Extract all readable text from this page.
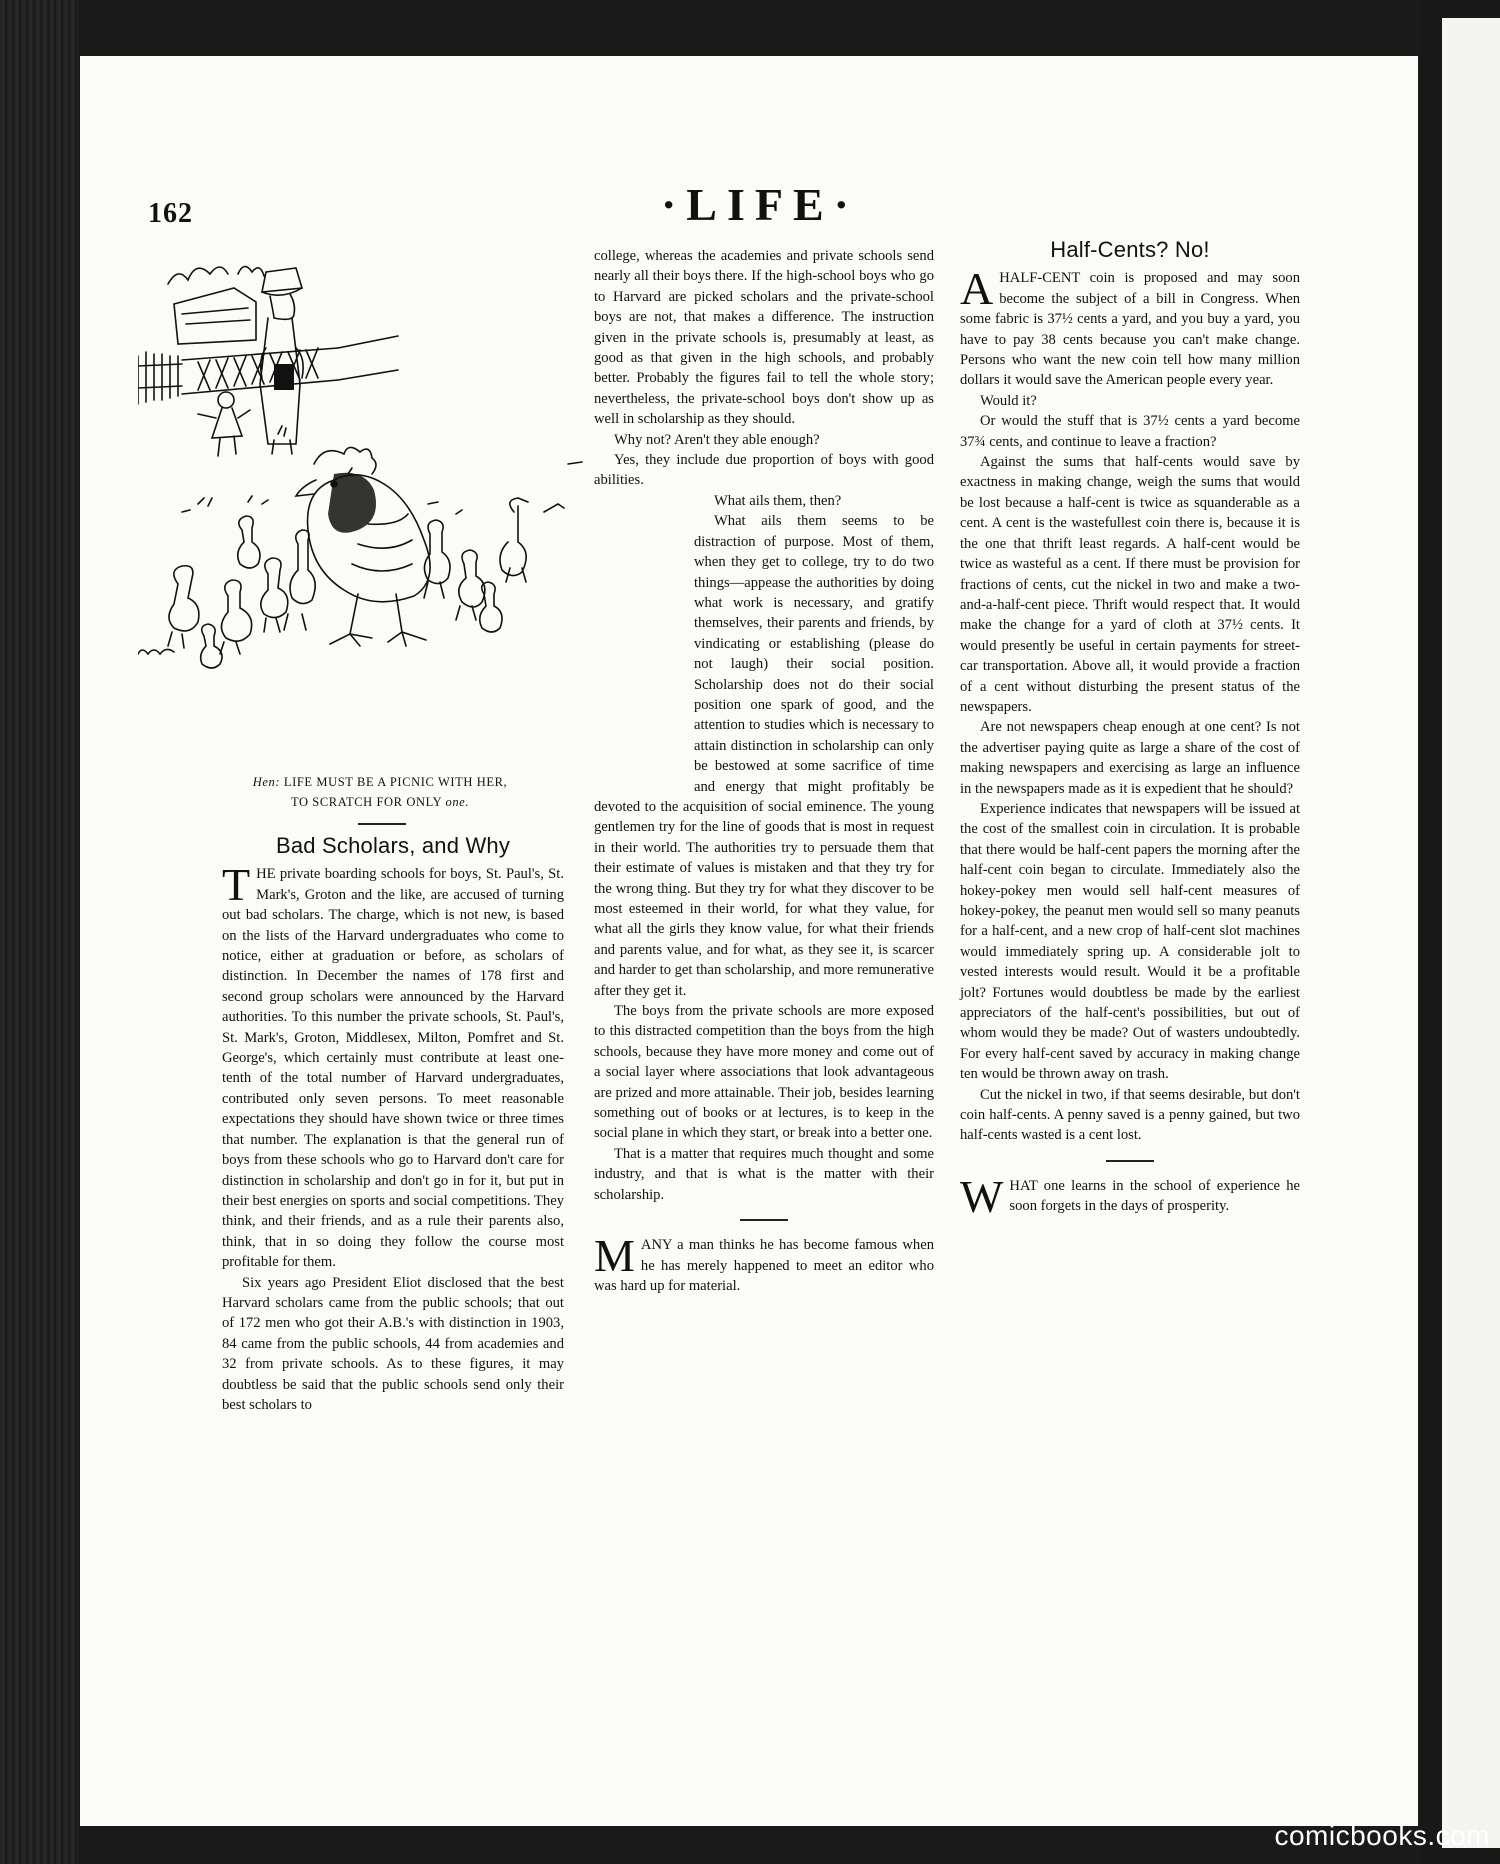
162	·LIFE·
Hen: LIFE MUST BE A PICNIC WITH HER,
TO SCRATCH FOR ONLY one.
Bad Scholars, and Why

THE private boarding schools for boys, St. Paul's, St. Mark's, Groton and the like, are accused of turning out bad scholars. The charge, which is not new, is based on the lists of the Harvard undergraduates who come to notice, either at graduation or before, as scholars of distinction. In December the names of 178 first and second group scholars were announced by the Harvard authorities. To this number the private schools, St. Paul's, St. Mark's, Groton, Middlesex, Milton, Pomfret and St. George's, which certainly must contribute at least one-tenth of the total number of Harvard undergraduates, contributed only seven persons. To meet reasonable expectations they should have shown twice or three times that number. The explanation is that the general run of boys from these schools who go to Harvard don't care for distinction in scholarship and don't go in for it, but put in their best energies on sports and social competitions. They think, and their friends, and as a rule their parents also, think, that in so doing they follow the course most profitable for them.

Six years ago President Eliot disclosed that the best Harvard scholars came from the public schools; that out of 172 men who got their A.B.'s with distinction in 1903, 84 came from the public schools, 44 from academies and 32 from private schools. As to these figures, it may doubtless be said that the public schools send only their best scholars to

college, whereas the academies and private schools send nearly all their boys there. If the high-school boys who go to Harvard are picked scholars and the private-school boys are not, that makes a difference. The instruction given in the private schools is, presumably at least, as good as that given in the high schools, and probably better. Probably the figures fail to tell the whole story; nevertheless, the private-school boys don't show up as well in scholarship as they should.

Why not? Aren't they able enough?

Yes, they include due proportion of boys with good abilities.

What ails them, then?

What ails them seems to be distraction of purpose. Most of them, when they get to college, try to do two things—appease the authorities by doing what work is necessary, and gratify themselves, their parents and friends, by vindicating or establishing (please do not laugh) their social position. Scholarship does not do their social position one spark of good, and the attention to studies which is necessary to attain distinction in scholarship can only be bestowed at some sacrifice of time and energy that might profitably be devoted to the acquisition of social eminence. The young gentlemen try for the line of goods that is most in request in their world. The authorities try to persuade them that their estimate of values is mistaken and that they try for the wrong thing. But they try for what they discover to be most esteemed in their world, for what they value, for what all the girls they know value, for what their friends and parents value, and for what, as they see it, is scarcer and harder to get than scholarship, and more remunerative after they get it.

The boys from the private schools are more exposed to this distracted competition than the boys from the high schools, because they have more money and come out of a social layer where associations that look advantageous are prized and more attainable. Their job, besides learning something out of books or at lectures, is to keep in the social plane in which they start, or break into a better one.

That is a matter that requires much thought and some industry, and that is what is the matter with their scholarship.

MANY a man thinks he has become famous when he has merely happened to meet an editor who was hard up for material.

Half-Cents? No!

AHALF-CENT coin is proposed and may soon become the subject of a bill in Congress. When some fabric is 37½ cents a yard, and you buy a yard, you have to pay 38 cents because you can't make change. Persons who want the new coin tell how many million dollars it would save the American people every year.

Would it?

Or would the stuff that is 37½ cents a yard become 37¾ cents, and continue to leave a fraction?

Against the sums that half-cents would save by exactness in making change, weigh the sums that would be lost because a half-cent is twice as squanderable as a cent. A cent is the wastefullest coin there is, because it is the one that thrift least regards. A half-cent would be twice as wasteful as a cent. If there must be provision for fractions of cents, cut the nickel in two and make a two-and-a-half-cent piece. Thrift would respect that. It would make the change for a yard of cloth at 37½ cents. It would presently be useful in certain payments for street-car transportation. Above all, it would provide a fraction of a cent without disturbing the present status of the newspapers.

Are not newspapers cheap enough at one cent? Is not the advertiser paying quite as large a share of the cost of making newspapers and exercising as large an influence in the newspapers made as it is expedient that he should?

Experience indicates that newspapers will be issued at the cost of the smallest coin in circulation. It is probable that there would be half-cent papers the morning after the half-cent coin began to circulate. Immediately also the hokey-pokey men would sell half-cent measures of hokey-pokey, the peanut men would sell so many peanuts for a half-cent, and a new crop of half-cent slot machines would immediately spring up. A considerable jolt to vested interests would result. Would it be a profitable jolt? Fortunes would doubtless be made by the earliest appreciators of the half-cent's possibilities, but out of whom would they be made? Out of wasters undoubtedly. For every half-cent saved by accuracy in making change ten would be thrown away on trash.

Cut the nickel in two, if that seems desirable, but don't coin half-cents. A penny saved is a penny gained, but two half-cents wasted is a cent lost.

WHAT one learns in the school of experience he soon forgets in the days of prosperity.

comicbooks.com
